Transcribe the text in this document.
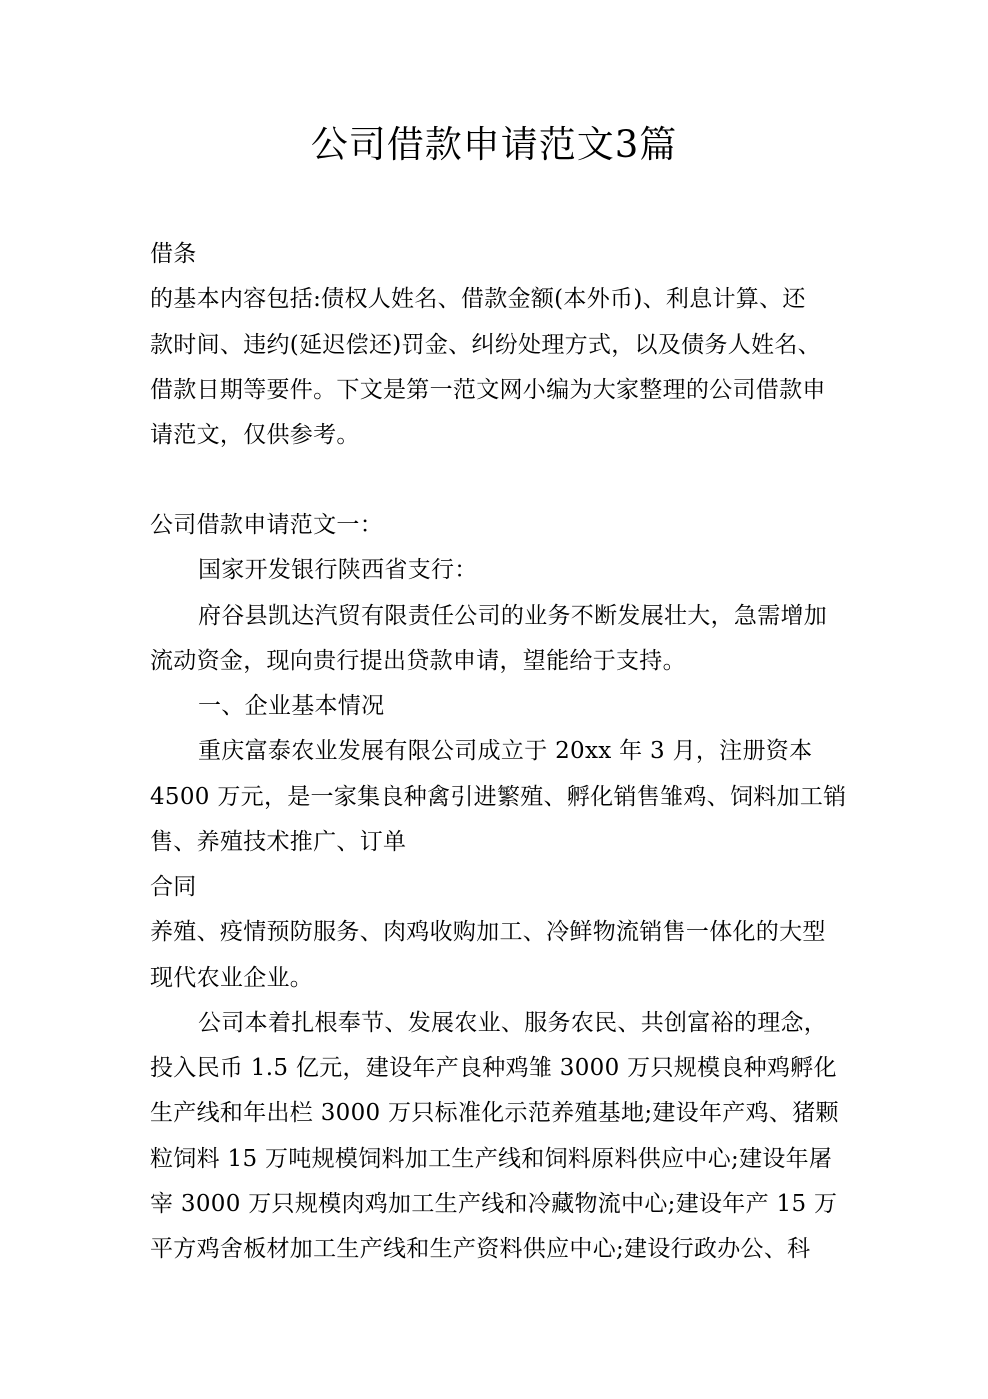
公司借款申请范文3篇

借条

的基本内容包括:债权人姓名、借款金额(本外币)、利息计算、还

款时间、违约(延迟偿还)罚金、纠纷处理方式，以及债务人姓名、

借款日期等要件。下文是第一范文网小编为大家整理的公司借款申

请范文，仅供参考。

公司借款申请范文一：

国家开发银行陕西省支行：

府谷县凯达汽贸有限责任公司的业务不断发展壮大，急需增加

流动资金，现向贵行提出贷款申请，望能给于支持。

一、企业基本情况

重庆富泰农业发展有限公司成立于 20xx 年 3 月，注册资本

4500 万元，是一家集良种禽引进繁殖、孵化销售雏鸡、饲料加工销

售、养殖技术推广、订单

合同

养殖、疫情预防服务、肉鸡收购加工、冷鲜物流销售一体化的大型

现代农业企业。

公司本着扎根奉节、发展农业、服务农民、共创富裕的理念，

投入民币 1.5 亿元，建设年产良种鸡雏 3000 万只规模良种鸡孵化

生产线和年出栏 3000 万只标准化示范养殖基地;建设年产鸡、猪颗

粒饲料 15 万吨规模饲料加工生产线和饲料原料供应中心;建设年屠

宰 3000 万只规模肉鸡加工生产线和冷藏物流中心;建设年产 15 万

平方鸡舍板材加工生产线和生产资料供应中心;建设行政办公、科
